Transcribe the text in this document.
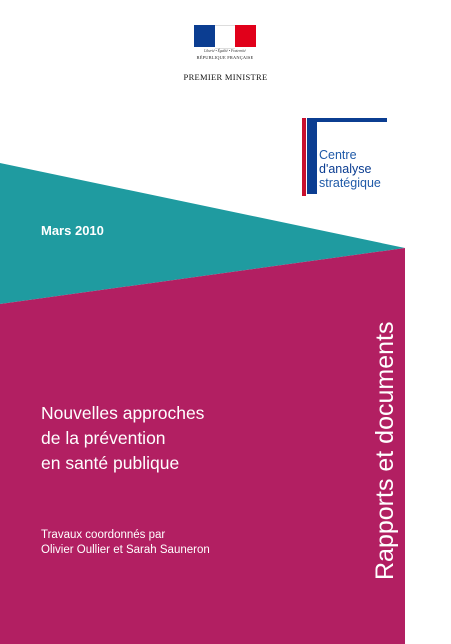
Liberté • Égalité • Fraternité
RÉPUBLIQUE FRANÇAISE
PREMIER MINISTRE
Centre
d'analyse
stratégique
Mars 2010
Rapports et documents
Nouvelles approches
de la prévention
en santé publique
Travaux coordonnés par
Olivier Oullier et Sarah Sauneron
